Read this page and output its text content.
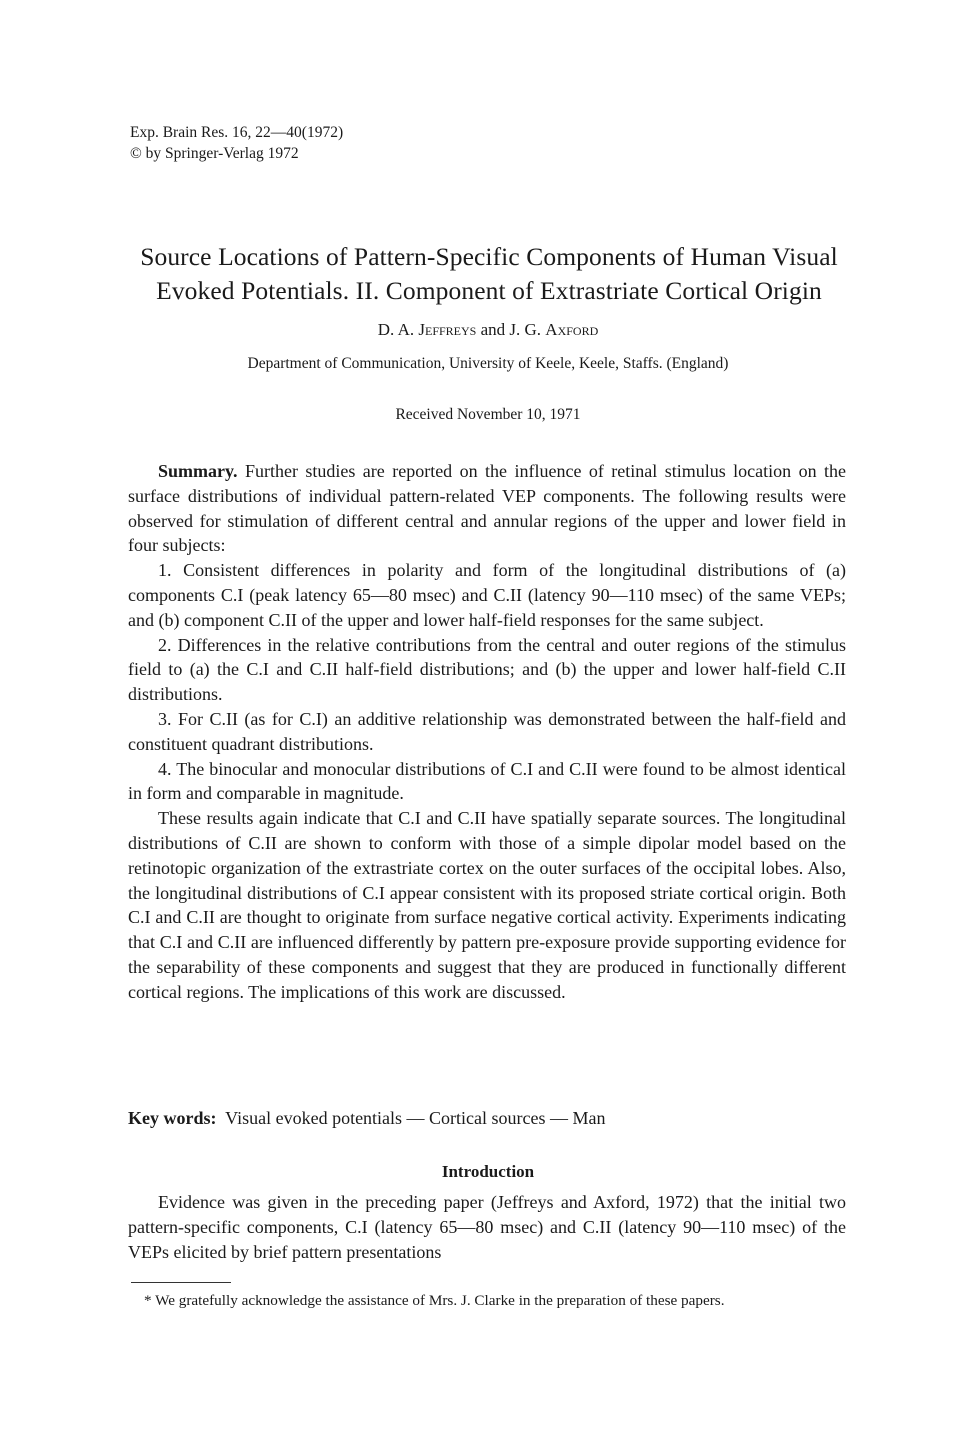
Exp. Brain Res. 16, 22—40(1972)
© by Springer-Verlag 1972
Source Locations of Pattern-Specific Components of Human Visual
Evoked Potentials. II. Component of Extrastriate Cortical Origin
D. A. Jeffreys and J. G. Axford
Department of Communication, University of Keele, Keele, Staffs. (England)
Received November 10, 1971

Summary. Further studies are reported on the influence of retinal stimulus location on the surface distributions of individual pattern-related VEP components. The following results were observed for stimulation of different central and annular regions of the upper and lower field in four subjects:

1. Consistent differences in polarity and form of the longitudinal distributions of (a) components C.I (peak latency 65—80 msec) and C.II (latency 90—110 msec) of the same VEPs; and (b) component C.II of the upper and lower half-field responses for the same subject.

2. Differences in the relative contributions from the central and outer regions of the stimulus field to (a) the C.I and C.II half-field distributions; and (b) the upper and lower half-field C.II distributions.

3. For C.II (as for C.I) an additive relationship was demonstrated between the half-field and constituent quadrant distributions.

4. The binocular and monocular distributions of C.I and C.II were found to be almost identical in form and comparable in magnitude.

These results again indicate that C.I and C.II have spatially separate sources. The longitudinal distributions of C.II are shown to conform with those of a simple dipolar model based on the retinotopic organization of the extrastriate cortex on the outer surfaces of the occipital lobes. Also, the longitudinal distributions of C.I appear consistent with its proposed striate cortical origin. Both C.I and C.II are thought to originate from surface negative cortical activity. Experiments indicating that C.I and C.II are influenced differently by pattern pre-exposure provide supporting evidence for the separability of these components and suggest that they are produced in functionally different cortical regions. The implications of this work are discussed.

Key words:  Visual evoked potentials — Cortical sources — Man

Introduction

Evidence was given in the preceding paper (Jeffreys and Axford, 1972) that the initial two pattern-specific components, C.I (latency 65—80 msec) and C.II (latency 90—110 msec) of the VEPs elicited by brief pattern presentations

* We gratefully acknowledge the assistance of Mrs. J. Clarke in the preparation of these papers.
